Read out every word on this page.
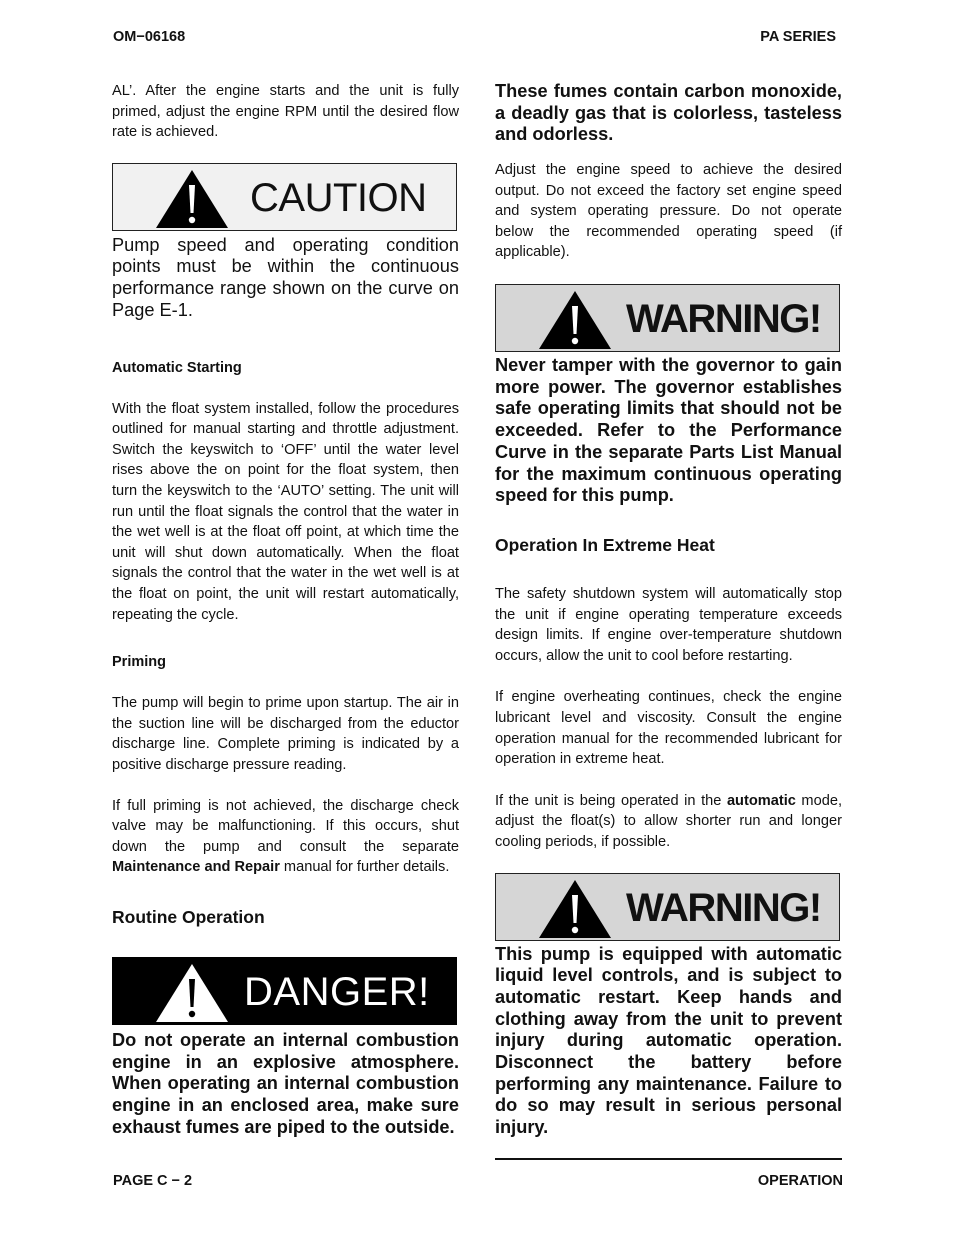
OM−06168	PA SERIES

AL’. After the engine starts and the unit is fully primed, adjust the engine RPM until the desired flow rate is achieved.

CAUTION

Pump speed and operating condition points must be within the continuous performance range shown on the curve on Page E-1.

Automatic Starting

With the float system installed, follow the procedures outlined for manual starting and throttle adjustment. Switch the keyswitch to ‘OFF’ until the water level rises above the on point for the float system, then turn the keyswitch to the ‘AUTO’ setting. The unit will run until the float signals the control that the water in the wet well is at the float off point, at which time the unit will shut down automatically. When the float signals the control that the water in the wet well is at the float on point, the unit will restart automatically, repeating the cycle.

Priming

The pump will begin to prime upon startup. The air in the suction line will be discharged from the eductor discharge line. Complete priming is indicated by a positive discharge pressure reading.

If full priming is not achieved, the discharge check valve may be malfunctioning. If this occurs, shut down the pump and consult the separate Maintenance and Repair manual for further details.

Routine Operation

DANGER!

Do not operate an internal combustion engine in an explosive atmosphere. When operating an internal combustion engine in an enclosed area, make sure exhaust fumes are piped to the outside.

These fumes contain carbon monoxide, a deadly gas that is colorless, tasteless and odorless.

Adjust the engine speed to achieve the desired output. Do not exceed the factory set engine speed and system operating pressure. Do not operate below the recommended operating speed (if applicable).

WARNING!

Never tamper with the governor to gain more power. The governor establishes safe operating limits that should not be exceeded. Refer to the Performance Curve in the separate Parts List Manual for the maximum continuous operating speed for this pump.

Operation In Extreme Heat

The safety shutdown system will automatically stop the unit if engine operating temperature exceeds design limits. If engine over-temperature shutdown occurs, allow the unit to cool before restarting.

If engine overheating continues, check the engine lubricant level and viscosity. Consult the engine operation manual for the recommended lubricant for operation in extreme heat.

If the unit is being operated in the automatic mode, adjust the float(s) to allow shorter run and longer cooling periods, if possible.

WARNING!

This pump is equipped with automatic liquid level controls, and is subject to automatic restart. Keep hands and clothing away from the unit to prevent injury during automatic operation. Disconnect the battery before performing any maintenance. Failure to do so may result in serious personal injury.

PAGE C − 2	OPERATION
